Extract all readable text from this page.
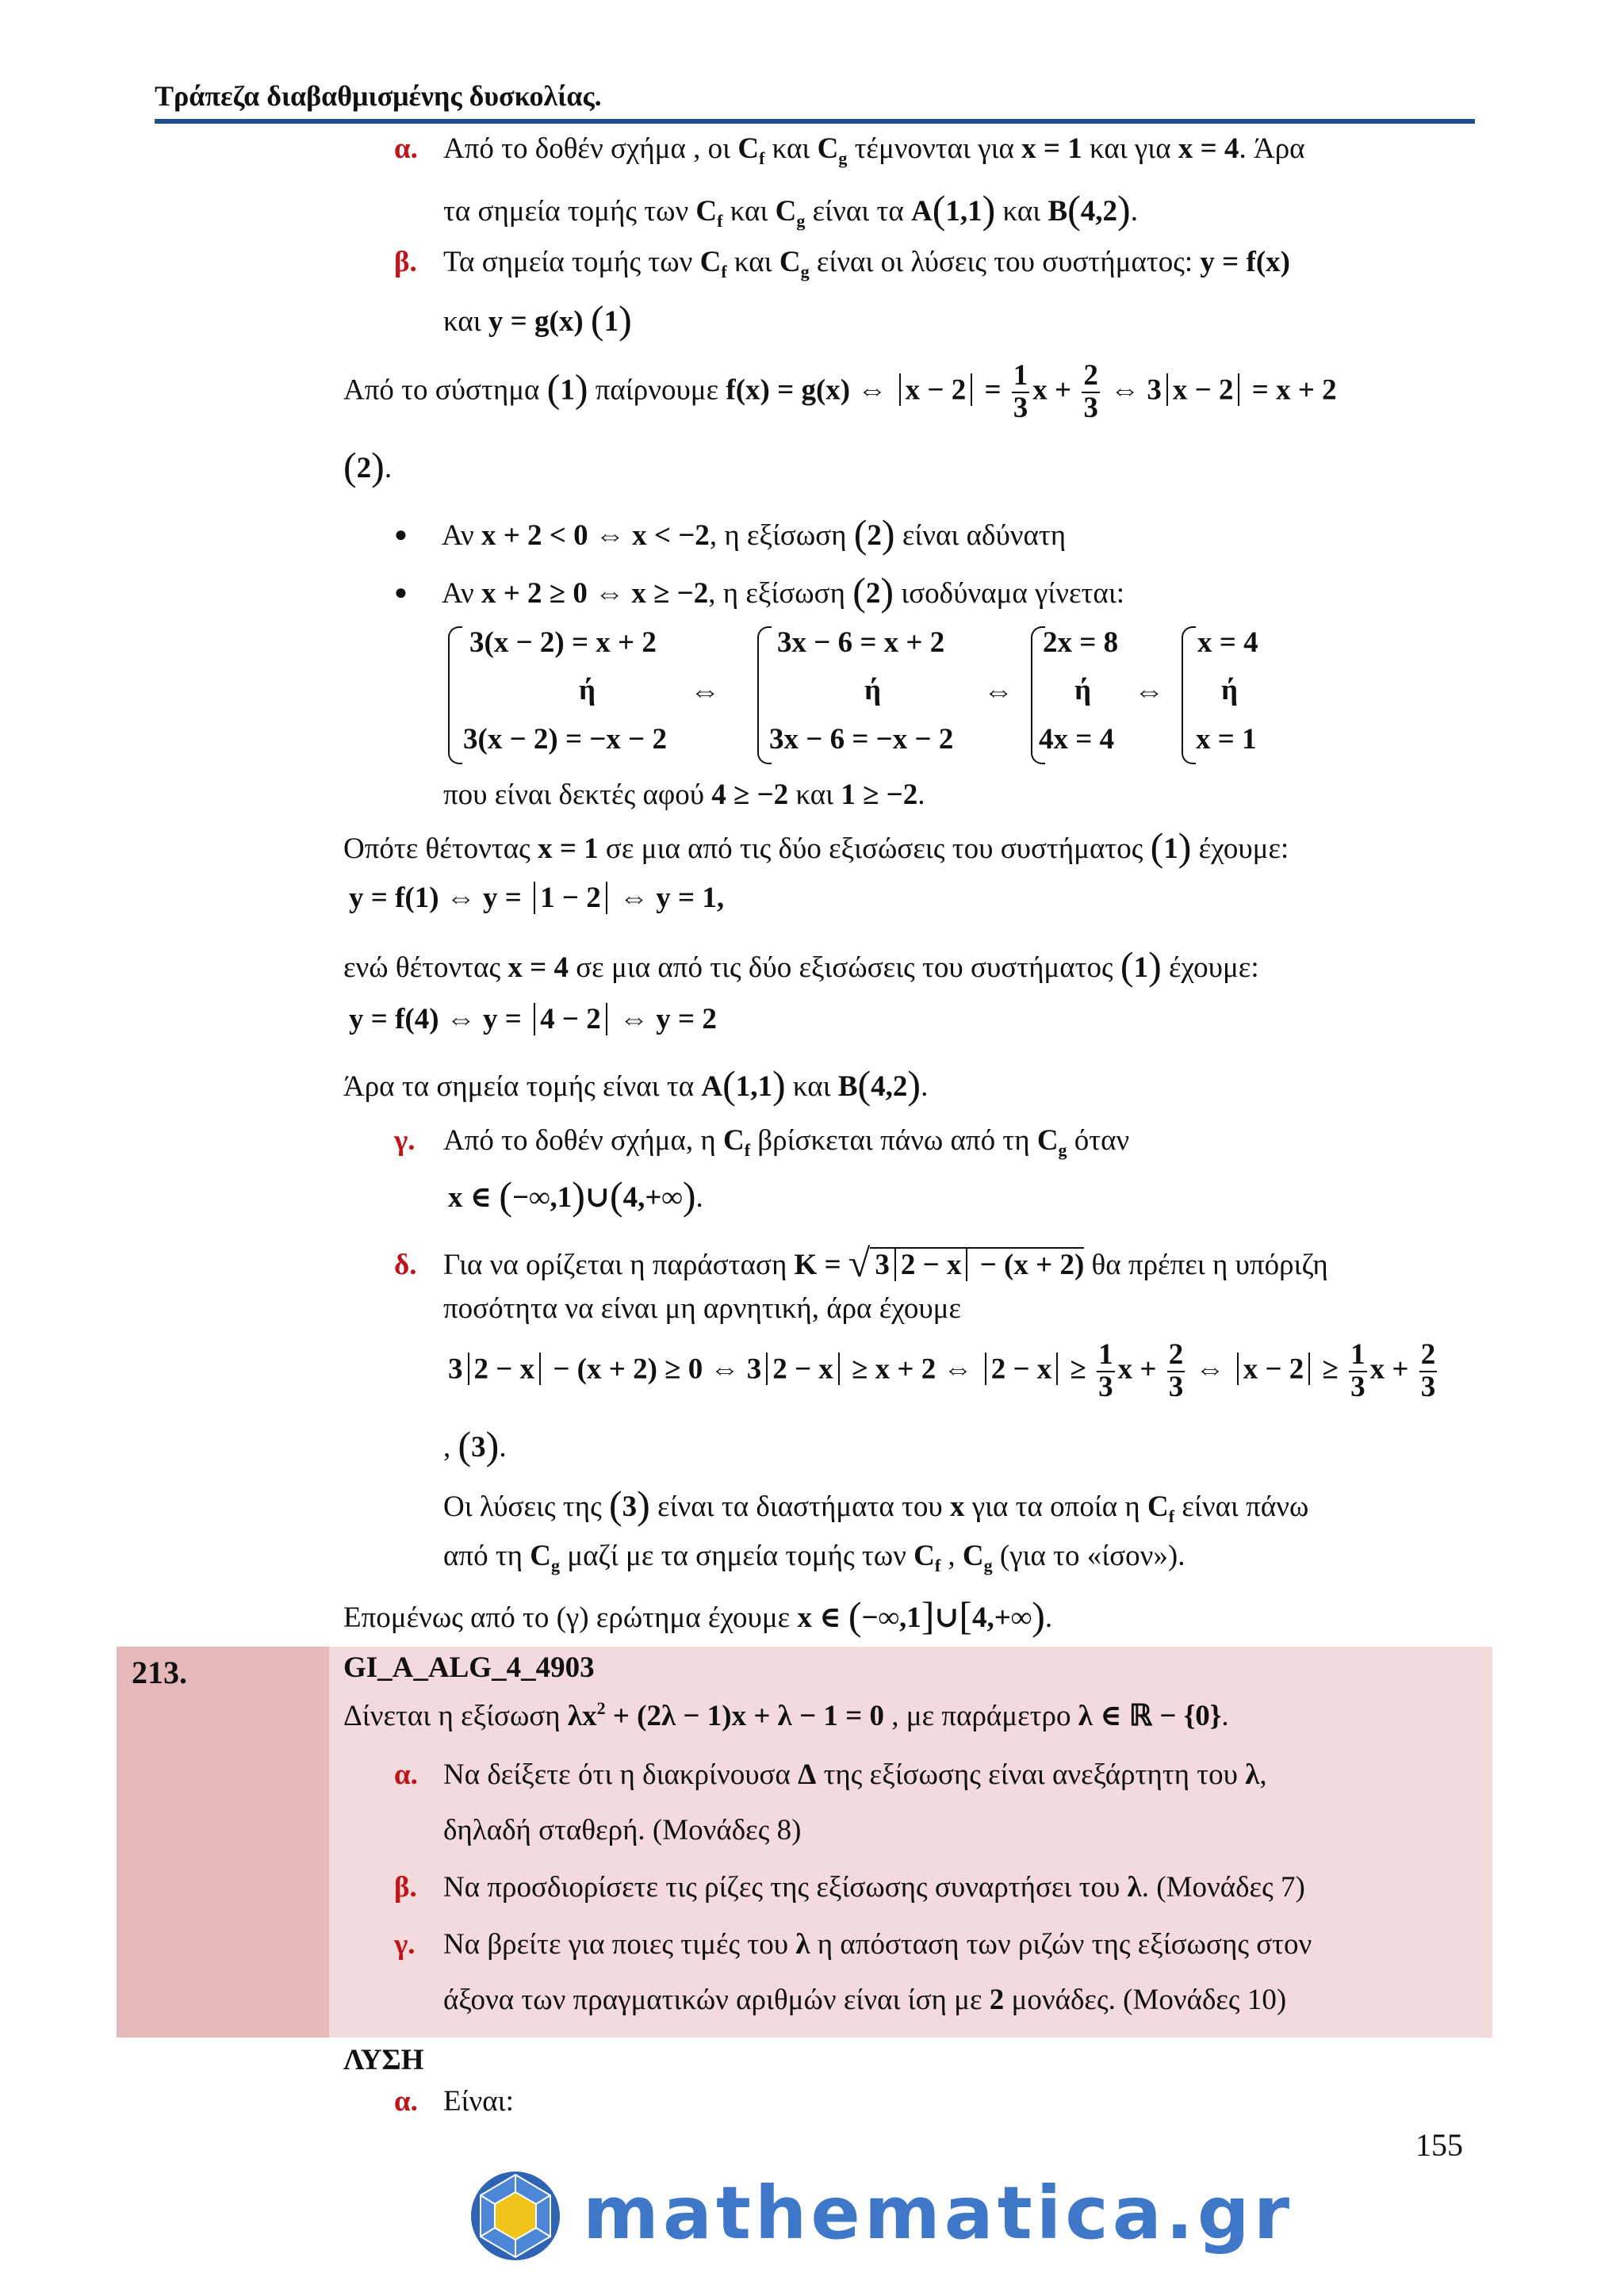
Τράπεζα διαβαθμισμένης δυσκολίας.
α. Από το δοθέν σχήμα , οι $C_f$ και $C_g$ τέμνονται για x = 1 και για x = 4. Άρα
τα σημεία τομής των $C_f$ και $C_g$ είναι τα A(1,1) και B(4,2).
β. Τα σημεία τομής των $C_f$ και $C_g$ είναι οι λύσεις του συστήματος: y = f(x)
και y = g(x) (1)
Από το σύστημα (1) παίρνουμε f(x) = g(x) ⇔ $x - 2 = \frac{1}{3}$ $x + \frac{2}{3}$ ⇔ 3 x − 2 = x + 2
(2).
● Αν x + 2 < 0 ⇔ x < −2, η εξίσωση (2) είναι αδύνατη
● Αν x + 2 ≥ 0 ⇔ x ≥ −2, η εξίσωση (2) ισοδύναμα γίνεται:
3(x − 2) = x + 2
ή
3(x − 2) = −x − 2
⇔
3x − 6 = x + 2
ή
3x − 6 = −x − 2
⇔
2x = 8
ή
4x = 4
⇔
x = 4
ή
x = 1
που είναι δεκτές αφού 4 ≥ −2 και 1 ≥ −2.
Οπότε θέτοντας x = 1 σε μια από τις δύο εξισώσεις του συστήματος (1) έχουμε:
y = f(1) ⇔ y = 1 − 2 ⇔ y = 1,
ενώ θέτοντας x = 4 σε μια από τις δύο εξισώσεις του συστήματος (1) έχουμε:
y = f(4) ⇔ y = 4 − 2 ⇔ y = 2
Άρα τα σημεία τομής είναι τα A(1,1) και B(4,2).
γ. Από το δοθέν σχήμα, η $C_f$ βρίσκεται πάνω από τη $C_g$ όταν
x ∈ (−∞,1)∪(4,+∞).
δ. Για να ορίζεται η παράσταση K = √ 3 2 − x − (x + 2) θα πρέπει η υπόριζη
ποσότητα να είναι μη αρνητική, άρα έχουμε
3 2 − x − (x + 2) ≥ 0 ⇔ 3 2 − x ≥ x + 2 ⇔ $2 - x \ge \frac{1}{3}$ $x + \frac{2}{3}$ ⇔ $x - 2 \ge \frac{1}{3}$ $x + \frac{2}{3}$
, (3).
Οι λύσεις της (3) είναι τα διαστήματα του x για τα οποία η $C_f$ είναι πάνω
από τη $C_g$ μαζί με τα σημεία τομής των $C_f$ , $C_g$ (για το «ίσον»).
Επομένως από το (γ) ερώτημα έχουμε x ∈ (−∞,1]∪[4,+∞).
213.	GI_A_ALG_4_4903
Δίνεται η εξίσωση $\lambda x^2 + (2\lambda - 1)x + \lambda - 1 = 0$ , με παράμετρο λ ∈ ℝ − {0}.
α. Να δείξετε ότι η διακρίνουσα Δ της εξίσωσης είναι ανεξάρτητη του λ,
δηλαδή σταθερή. (Μονάδες 8)
β. Να προσδιορίσετε τις ρίζες της εξίσωσης συναρτήσει του λ. (Μονάδες 7)
γ. Να βρείτε για ποιες τιμές του λ η απόσταση των ριζών της εξίσωσης στον
άξονα των πραγματικών αριθμών είναι ίση με 2 μονάδες. (Μονάδες 10)
ΛΥΣΗ
α. Είναι:
155
mathematica.gr
